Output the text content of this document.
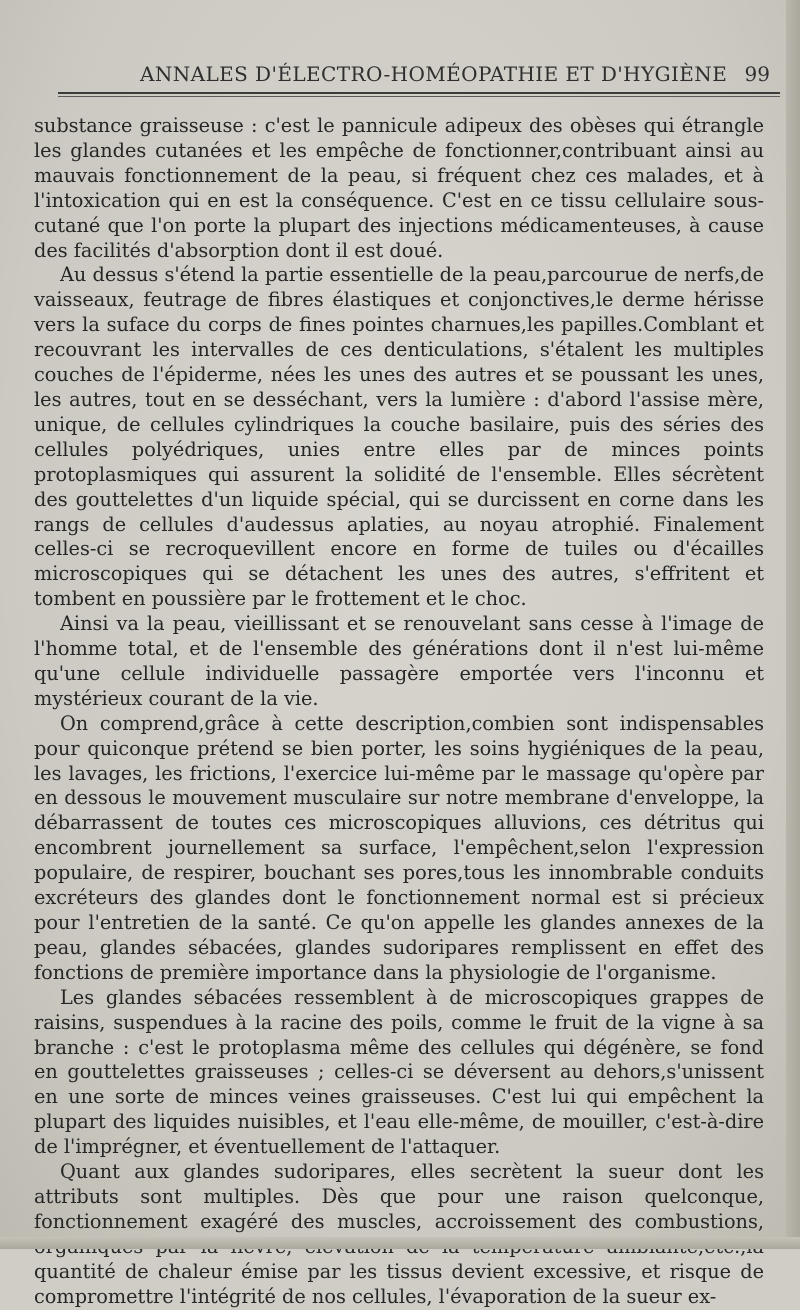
ANNALES D'ÉLECTRO-HOMÉOPATHIE ET D'HYGIÈNE 99

substance graisseuse : c'est le pannicule adipeux des obèses qui étrangle les glandes cutanées et les empêche de fonctionner,contribuant ainsi au mauvais fonctionnement de la peau, si fréquent chez ces malades, et à l'intoxication qui en est la conséquence. C'est en ce tissu cellulaire sous-cutané que l'on porte la plupart des injections médicamenteuses, à cause des facilités d'absorption dont il est doué.

Au dessus s'étend la partie essentielle de la peau,parcourue de nerfs,de vaisseaux, feutrage de fibres élastiques et conjonctives,le derme hérisse vers la suface du corps de fines pointes charnues,les papilles.Comblant et recouvrant les intervalles de ces denticulations, s'étalent les multiples couches de l'épiderme, nées les unes des autres et se poussant les unes, les autres, tout en se desséchant, vers la lumière : d'abord l'assise mère, unique, de cellules cylindriques la couche basilaire, puis des séries des cellules polyédriques, unies entre elles par de minces points protoplasmiques qui assurent la solidité de l'ensemble. Elles sécrètent des gouttelettes d'un liquide spécial, qui se durcissent en corne dans les rangs de cellules d'audessus aplaties, au noyau atrophié. Finalement celles-ci se recroquevillent encore en forme de tuiles ou d'écailles microscopiques qui se détachent les unes des autres, s'effritent et tombent en poussière par le frottement et le choc.

Ainsi va la peau, vieillissant et se renouvelant sans cesse à l'image de l'homme total, et de l'ensemble des générations dont il n'est lui-même qu'une cellule individuelle passagère emportée vers l'inconnu et mystérieux courant de la vie.

On comprend,grâce à cette description,combien sont indispensables pour quiconque prétend se bien porter, les soins hygiéniques de la peau, les lavages, les frictions, l'exercice lui-même par le massage qu'opère par en dessous le mouvement musculaire sur notre membrane d'enveloppe, la débarrassent de toutes ces microscopiques alluvions, ces détritus qui encombrent journellement sa surface, l'empêchent,selon l'expression populaire, de respirer, bouchant ses pores,tous les innombrable conduits excréteurs des glandes dont le fonctionnement normal est si précieux pour l'entretien de la santé. Ce qu'on appelle les glandes annexes de la peau, glandes sébacées, glandes sudoripares remplissent en effet des fonctions de première importance dans la physiologie de l'organisme.

Les glandes sébacées ressemblent à de microscopiques grappes de raisins, suspendues à la racine des poils, comme le fruit de la vigne à sa branche : c'est le protoplasma même des cellules qui dégénère, se fond en gouttelettes graisseuses ; celles-ci se déversent au dehors,s'unissent en une sorte de minces veines graisseuses. C'est lui qui empêchent la plupart des liquides nuisibles, et l'eau elle-même, de mouiller, c'est-à-dire de l'imprégner, et éventuellement de l'attaquer.

Quant aux glandes sudoripares, elles secrètent la sueur dont les attributs sont multiples. Dès que pour une raison quelconque, fonctionnement exagéré des muscles, accroissement des combustions, quantité de chaleur émise par les tissus devient excessive, et risque de compromettre l'intégrité de nos cellules, l'évaporation de la sueur ex-
